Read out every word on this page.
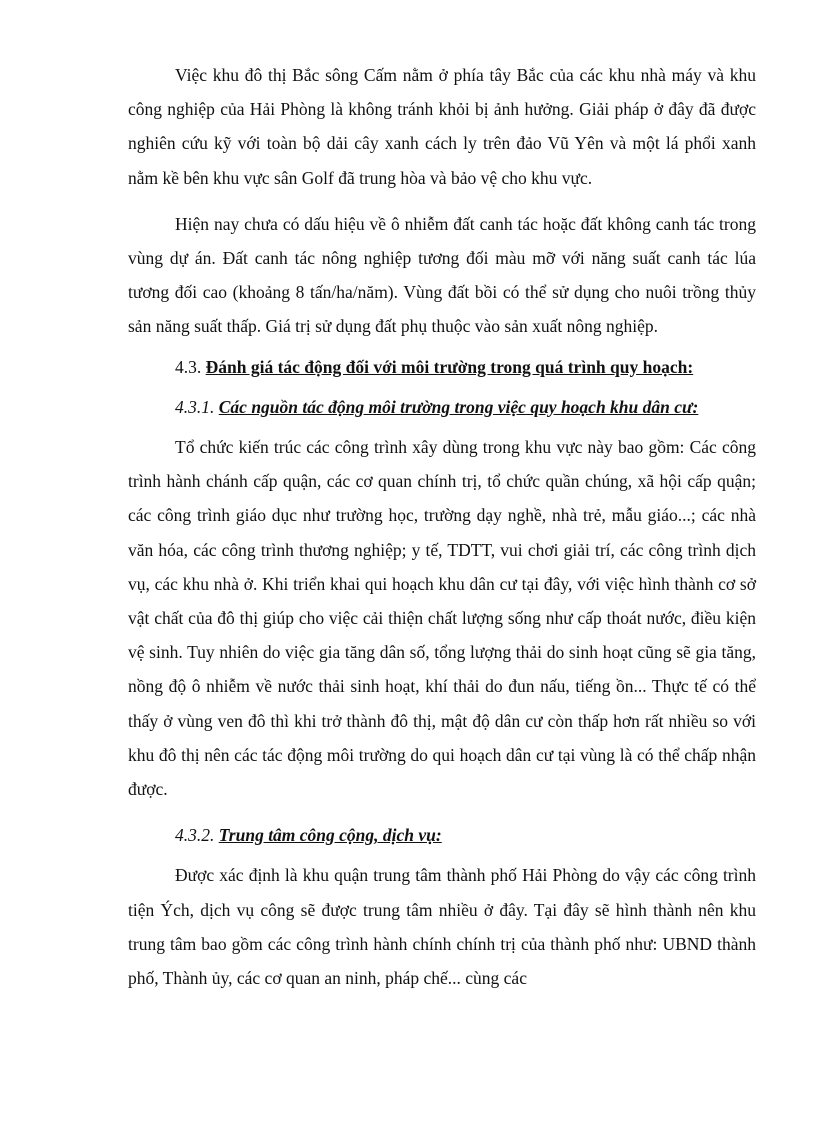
Việc khu đô thị Bắc sông Cấm nằm ở phía tây Bắc của các khu nhà máy và khu công nghiệp của Hải Phòng là không tránh khỏi bị ảnh hưởng. Giải pháp ở đây đã được nghiên cứu kỹ với toàn bộ dải cây xanh cách ly trên đảo Vũ Yên và một lá phổi xanh nằm kề bên khu vực sân Golf đã trung hòa và bảo vệ cho khu vực.

Hiện nay chưa có dấu hiệu về ô nhiễm đất canh tác hoặc đất không canh tác trong vùng dự án. Đất canh tác nông nghiệp tương đối màu mỡ với năng suất canh tác lúa tương đối cao (khoảng 8 tấn/ha/năm). Vùng đất bồi có thể sử dụng cho nuôi trồng thủy sản năng suất thấp. Giá trị sử dụng đất phụ thuộc vào sản xuất nông nghiệp.

4.3. Đánh giá tác động đối với môi trường trong quá trình quy hoạch:

4.3.1. Các nguồn tác động môi trường trong việc quy hoạch khu dân cư:

Tổ chức kiến trúc các công trình xây dùng trong khu vực này bao gồm: Các công trình hành chánh cấp quận, các cơ quan chính trị, tổ chức quần chúng, xã hội cấp quận; các công trình giáo dục như trường học, trường dạy nghề, nhà trẻ, mẫu giáo...; các nhà văn hóa, các công trình thương nghiệp; y tế, TDTT, vui chơi giải trí, các công trình dịch vụ, các khu nhà ở. Khi triển khai qui hoạch khu dân cư tại đây, với việc hình thành cơ sở vật chất của đô thị giúp cho việc cải thiện chất lượng sống như cấp thoát nước, điều kiện vệ sinh. Tuy nhiên do việc gia tăng dân số, tổng lượng thải do sinh hoạt cũng sẽ gia tăng, nồng độ ô nhiễm về nước thải sinh hoạt, khí thải do đun nấu, tiếng ồn... Thực tế có thể thấy ở vùng ven đô thì khi trở thành đô thị, mật độ dân cư còn thấp hơn rất nhiều so với khu đô thị nên các tác động môi trường do qui hoạch dân cư tại vùng là có thể chấp nhận được.

4.3.2. Trung tâm công cộng, dịch vụ:

Được xác định là khu quận trung tâm thành phố Hải Phòng do vậy các công trình tiện Ých, dịch vụ công sẽ được trung tâm nhiều ở đây. Tại đây sẽ hình thành nên khu trung tâm bao gồm các công trình hành chính chính trị của thành phố như: UBND thành phố, Thành ủy, các cơ quan an ninh, pháp chế... cùng các
